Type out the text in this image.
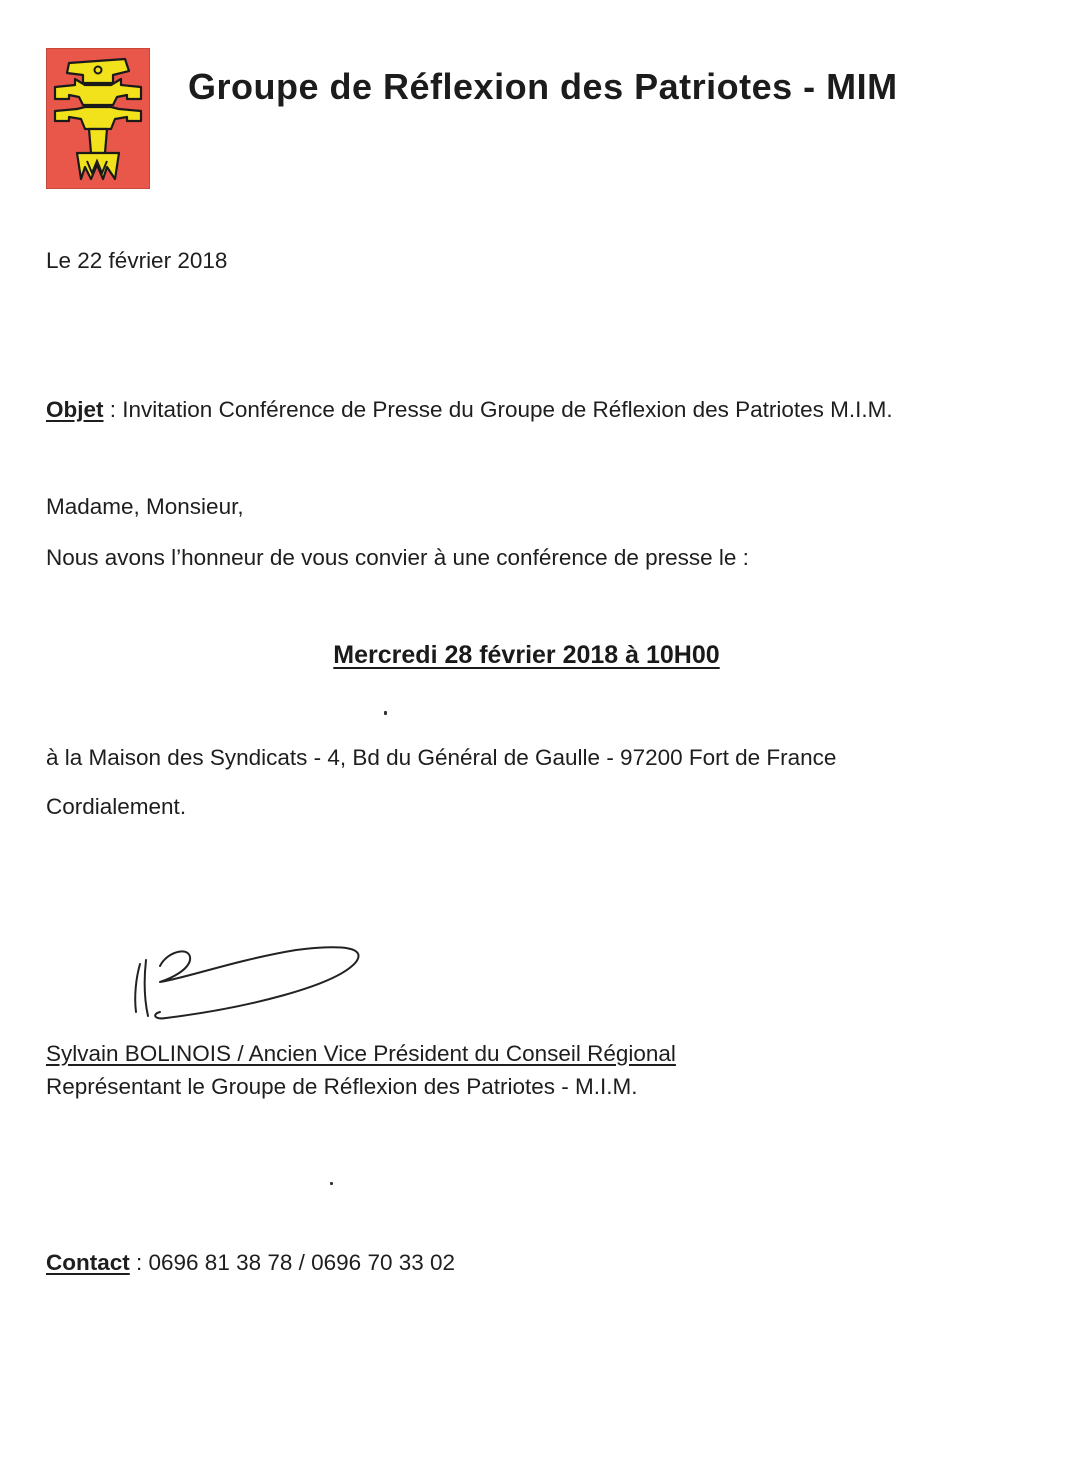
Groupe de Réflexion des Patriotes - MIM
Le 22 février 2018
Objet : Invitation Conférence de Presse du Groupe de Réflexion des Patriotes M.I.M.
Madame, Monsieur,
Nous avons l’honneur de vous convier à une conférence de presse le :
Mercredi 28 février 2018 à 10H00
à la Maison des Syndicats - 4, Bd du Général de Gaulle - 97200 Fort de France
Cordialement.
Sylvain BOLINOIS / Ancien Vice Président du Conseil Régional
Représentant le Groupe de Réflexion des Patriotes - M.I.M.
Contact : 0696 81 38 78 / 0696 70 33 02
